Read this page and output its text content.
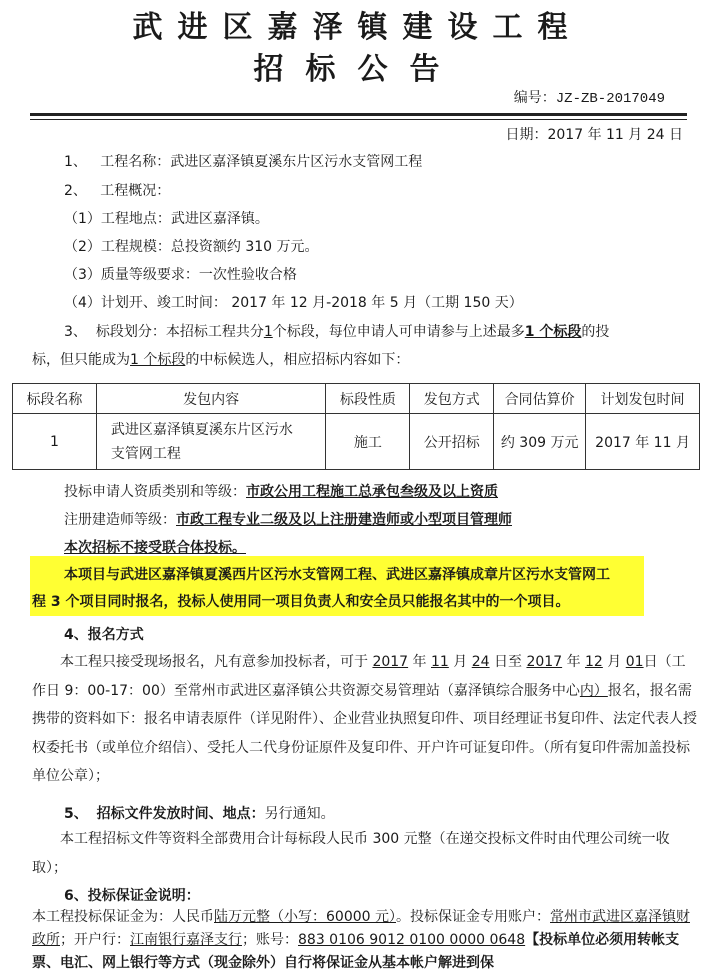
武进区嘉泽镇建设工程
招标公告
编号：JZ-ZB-2017049
日期：2017 年 11 月 24 日
1、 工程名称：武进区嘉泽镇夏溪东片区污水支管网工程
2、 工程概况：
（1）工程地点：武进区嘉泽镇。
（2）工程规模：总投资额约 310 万元。
（3）质量等级要求：一次性验收合格
（4）计划开、竣工时间： 2017 年 12 月-2018 年 5 月（工期 150 天）
3、 标段划分：本招标工程共分1个标段，每位申请人可申请参与上述最多1 个标段的投
标，但只能成为1 个标段的中标候选人，相应招标内容如下：
标段名称	发包内容	标段性质	发包方式	合同估算价	计划发包时间
1	武进区嘉泽镇夏溪东片区污水
支管网工程	施工	公开招标	约 309 万元	2017 年 11 月
投标申请人资质类别和等级：市政公用工程施工总承包叁级及以上资质
注册建造师等级：市政工程专业二级及以上注册建造师或小型项目管理师
本次招标不接受联合体投标。
本项目与武进区嘉泽镇夏溪西片区污水支管网工程、武进区嘉泽镇成章片区污水支管网工
程 3 个项目同时报名，投标人使用同一项目负责人和安全员只能报名其中的一个项目。
4、报名方式
本工程只接受现场报名，凡有意参加投标者，可于 2017 年 11 月 24 日至 2017 年 12 月 01日（工作日 9：00-17：00）至常州市武进区嘉泽镇公共资源交易管理站（嘉泽镇综合服务中心内）报名，报名需携带的资料如下：报名申请表原件（详见附件）、企业营业执照复印件、项目经理证书复印件、法定代表人授权委托书（或单位介绍信）、受托人二代身份证原件及复印件、开户许可证复印件。（所有复印件需加盖投标单位公章）；
5、 招标文件发放时间、地点：另行通知。
本工程招标文件等资料全部费用合计每标段人民币 300 元整（在递交投标文件时由代理公司统一收取）；
6、投标保证金说明：
本工程投标保证金为：人民币陆万元整（小写：60000 元）。投标保证金专用账户：常州市武进区嘉泽镇财政所；开户行：江南银行嘉泽支行；账号：883 0106 9012 0100 0000 0648【投标单位必须用转帐支票、电汇、网上银行等方式（现金除外）自行将保证金从基本帐户解进到保
